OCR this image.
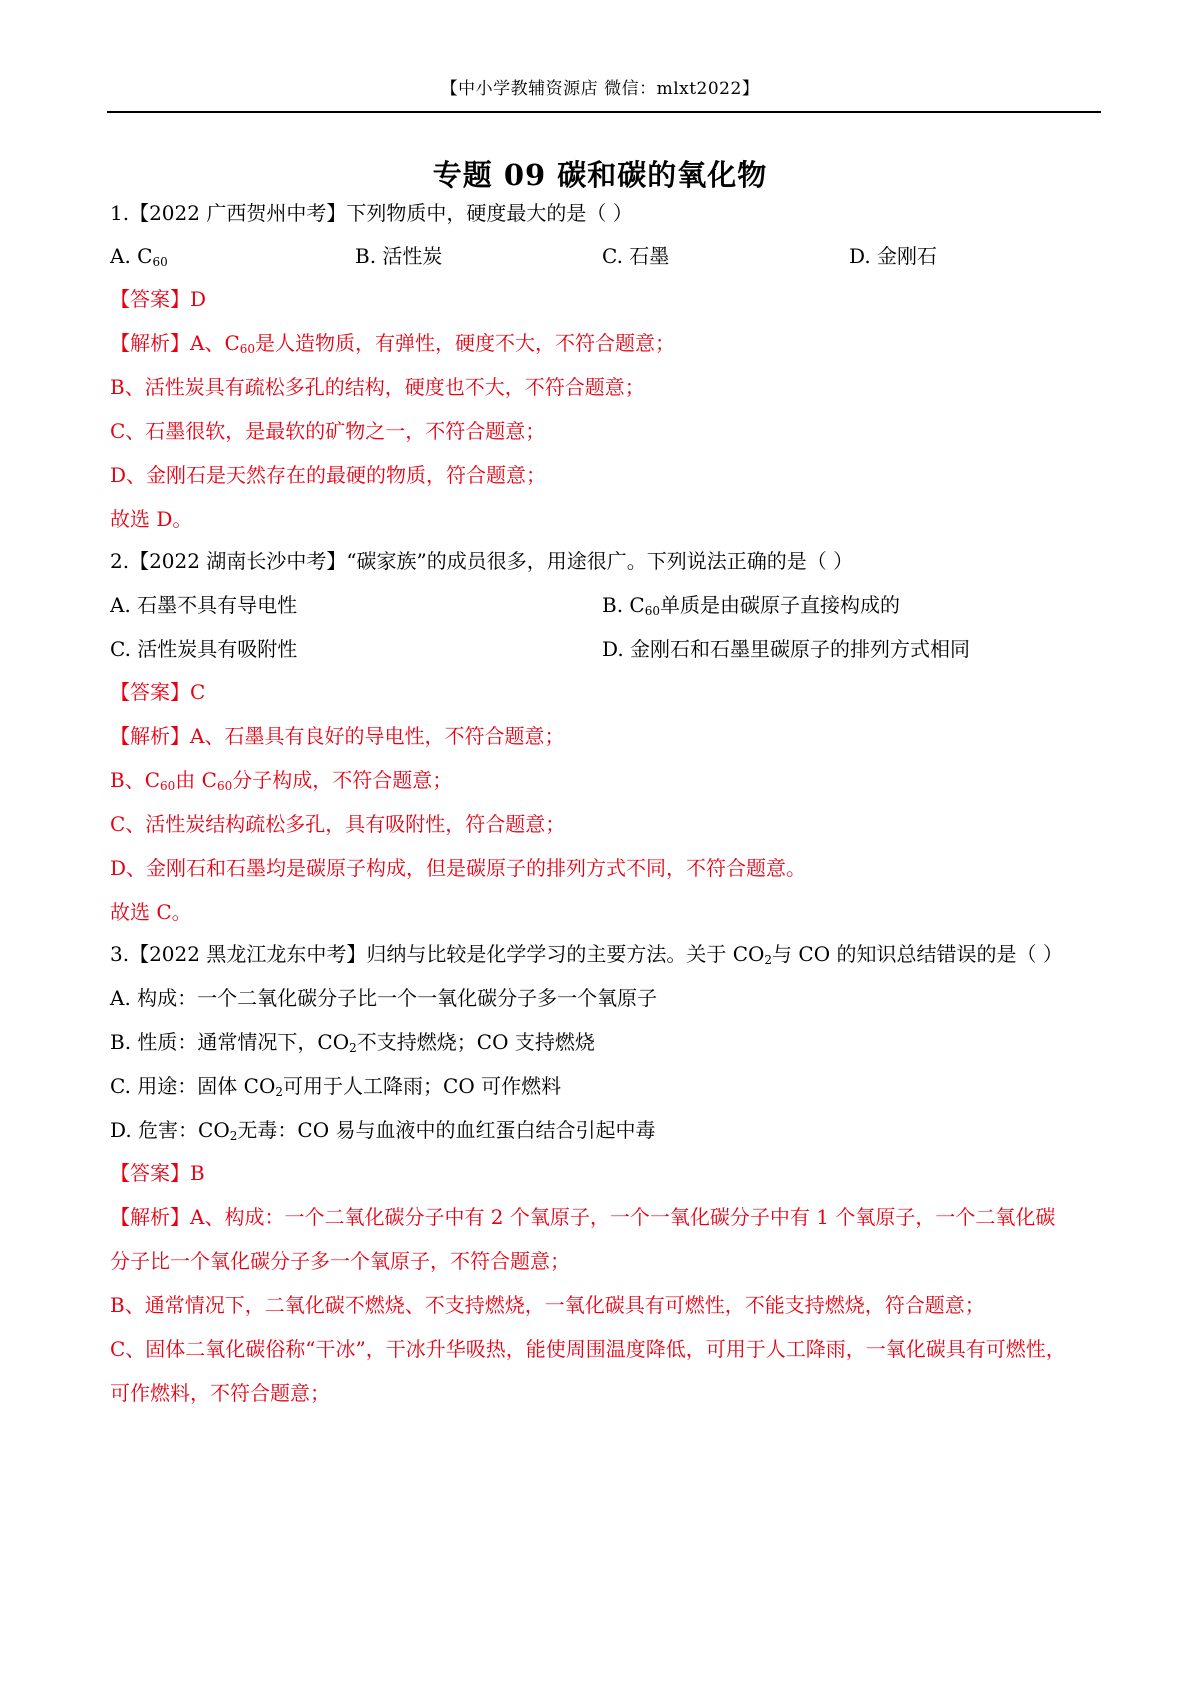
【中小学教辅资源店 微信：mlxt2022】
专题 09 碳和碳的氧化物
1.【2022 广西贺州中考】下列物质中，硬度最大的是（ ）
A. $C_{60}$	B. 活性炭	C. 石墨	D. 金刚石
【答案】D
【解析】A、$C_{60}$是人造物质，有弹性，硬度不大，不符合题意；
B、活性炭具有疏松多孔的结构，硬度也不大，不符合题意；
C、石墨很软，是最软的矿物之一，不符合题意；
D、金刚石是天然存在的最硬的物质，符合题意；
故选 D。
2.【2022 湖南长沙中考】“碳家族”的成员很多，用途很广。下列说法正确的是（ ）
A. 石墨不具有导电性	B. $C_{60}$单质是由碳原子直接构成的
C. 活性炭具有吸附性	D. 金刚石和石墨里碳原子的排列方式相同
【答案】C
【解析】A、石墨具有良好的导电性，不符合题意；
B、$C_{60}$由 $C_{60}$分子构成，不符合题意；
C、活性炭结构疏松多孔，具有吸附性，符合题意；
D、金刚石和石墨均是碳原子构成，但是碳原子的排列方式不同，不符合题意。
故选 C。
3.【2022 黑龙江龙东中考】归纳与比较是化学学习的主要方法。关于 $CO_2$与 CO 的知识总结错误的是（ ）
A. 构成：一个二氧化碳分子比一个一氧化碳分子多一个氧原子
B. 性质：通常情况下，$CO_2$不支持燃烧；CO 支持燃烧
C. 用途：固体 $CO_2$可用于人工降雨；CO 可作燃料
D. 危害：$CO_2$无毒：CO 易与血液中的血红蛋白结合引起中毒
【答案】B
【解析】A、构成：一个二氧化碳分子中有 2 个氧原子，一个一氧化碳分子中有 1 个氧原子，一个二氧化碳
分子比一个氧化碳分子多一个氧原子，不符合题意；
B、通常情况下，二氧化碳不燃烧、不支持燃烧，一氧化碳具有可燃性，不能支持燃烧，符合题意；
C、固体二氧化碳俗称“干冰”，干冰升华吸热，能使周围温度降低，可用于人工降雨，一氧化碳具有可燃性，
可作燃料，不符合题意；
